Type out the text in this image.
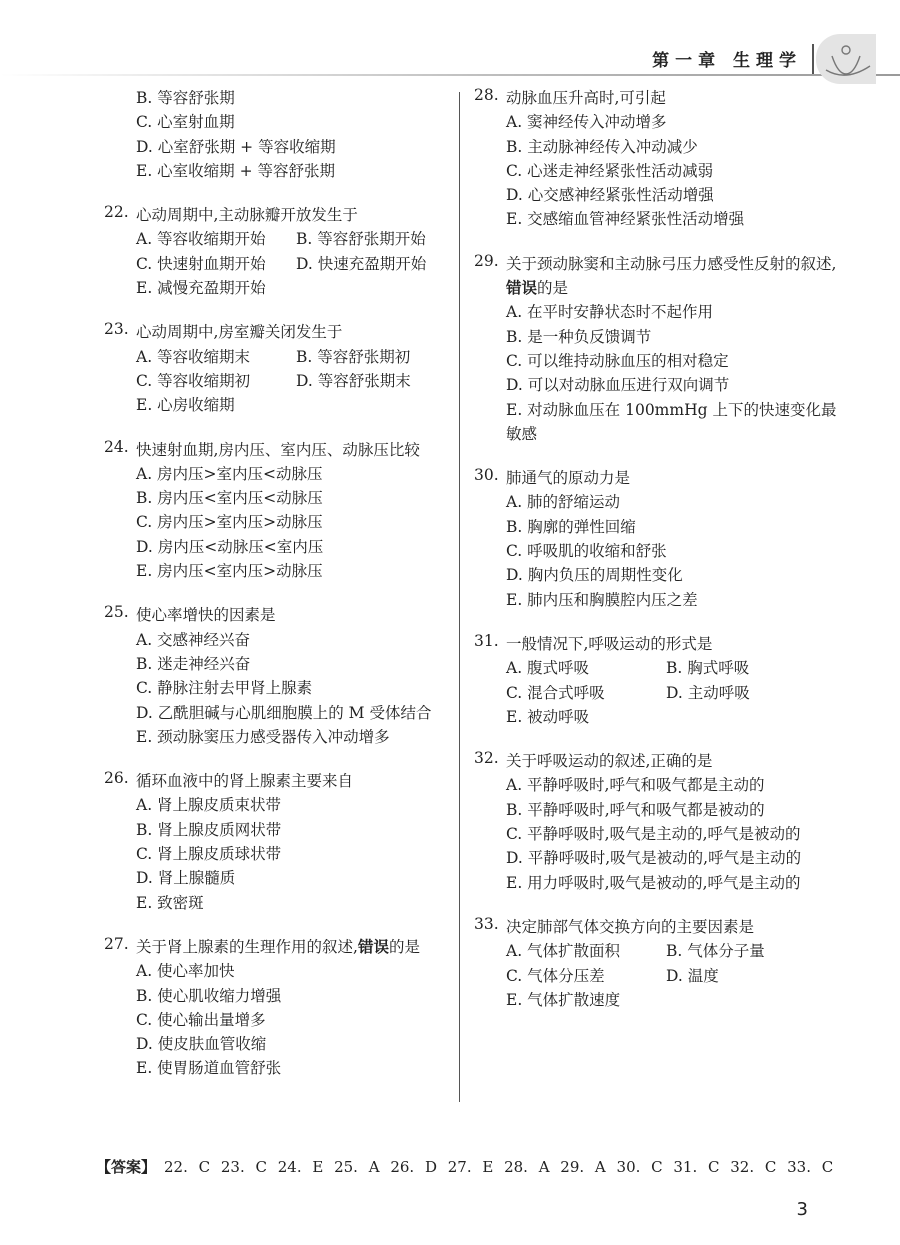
第一章 生理学
B. 等容舒张期
C. 心室射血期
D. 心室舒张期 + 等容收缩期
E. 心室收缩期 + 等容舒张期
22. 心动周期中,主动脉瓣开放发生于
A. 等容收缩期开始	B. 等容舒张期开始
C. 快速射血期开始	D. 快速充盈期开始
E. 减慢充盈期开始
23. 心动周期中,房室瓣关闭发生于
A. 等容收缩期末	B. 等容舒张期初
C. 等容收缩期初	D. 等容舒张期末
E. 心房收缩期
24. 快速射血期,房内压、室内压、动脉压比较
A. 房内压>室内压<动脉压
B. 房内压<室内压<动脉压
C. 房内压>室内压>动脉压
D. 房内压<动脉压<室内压
E. 房内压<室内压>动脉压
25. 使心率增快的因素是
A. 交感神经兴奋
B. 迷走神经兴奋
C. 静脉注射去甲肾上腺素
D. 乙酰胆碱与心肌细胞膜上的 M 受体结合
E. 颈动脉窦压力感受器传入冲动增多
26. 循环血液中的肾上腺素主要来自
A. 肾上腺皮质束状带
B. 肾上腺皮质网状带
C. 肾上腺皮质球状带
D. 肾上腺髓质
E. 致密斑
27. 关于肾上腺素的生理作用的叙述,错误的是
A. 使心率加快
B. 使心肌收缩力增强
C. 使心输出量增多
D. 使皮肤血管收缩
E. 使胃肠道血管舒张
28. 动脉血压升高时,可引起
A. 窦神经传入冲动增多
B. 主动脉神经传入冲动减少
C. 心迷走神经紧张性活动减弱
D. 心交感神经紧张性活动增强
E. 交感缩血管神经紧张性活动增强
29. 关于颈动脉窦和主动脉弓压力感受性反射的叙述,错误的是
A. 在平时安静状态时不起作用
B. 是一种负反馈调节
C. 可以维持动脉血压的相对稳定
D. 可以对动脉血压进行双向调节
E. 对动脉血压在 100mmHg 上下的快速变化最敏感
30. 肺通气的原动力是
A. 肺的舒缩运动
B. 胸廓的弹性回缩
C. 呼吸肌的收缩和舒张
D. 胸内负压的周期性变化
E. 肺内压和胸膜腔内压之差
31. 一般情况下,呼吸运动的形式是
A. 腹式呼吸	B. 胸式呼吸
C. 混合式呼吸	D. 主动呼吸
E. 被动呼吸
32. 关于呼吸运动的叙述,正确的是
A. 平静呼吸时,呼气和吸气都是主动的
B. 平静呼吸时,呼气和吸气都是被动的
C. 平静呼吸时,吸气是主动的,呼气是被动的
D. 平静呼吸时,吸气是被动的,呼气是主动的
E. 用力呼吸时,吸气是被动的,呼气是主动的
33. 决定肺部气体交换方向的主要因素是
A. 气体扩散面积	B. 气体分子量
C. 气体分压差	D. 温度
E. 气体扩散速度
【答案】 22. C 23. C 24. E 25. A 26. D 27. E 28. A 29. A 30. C 31. C 32. C 33. C
3
